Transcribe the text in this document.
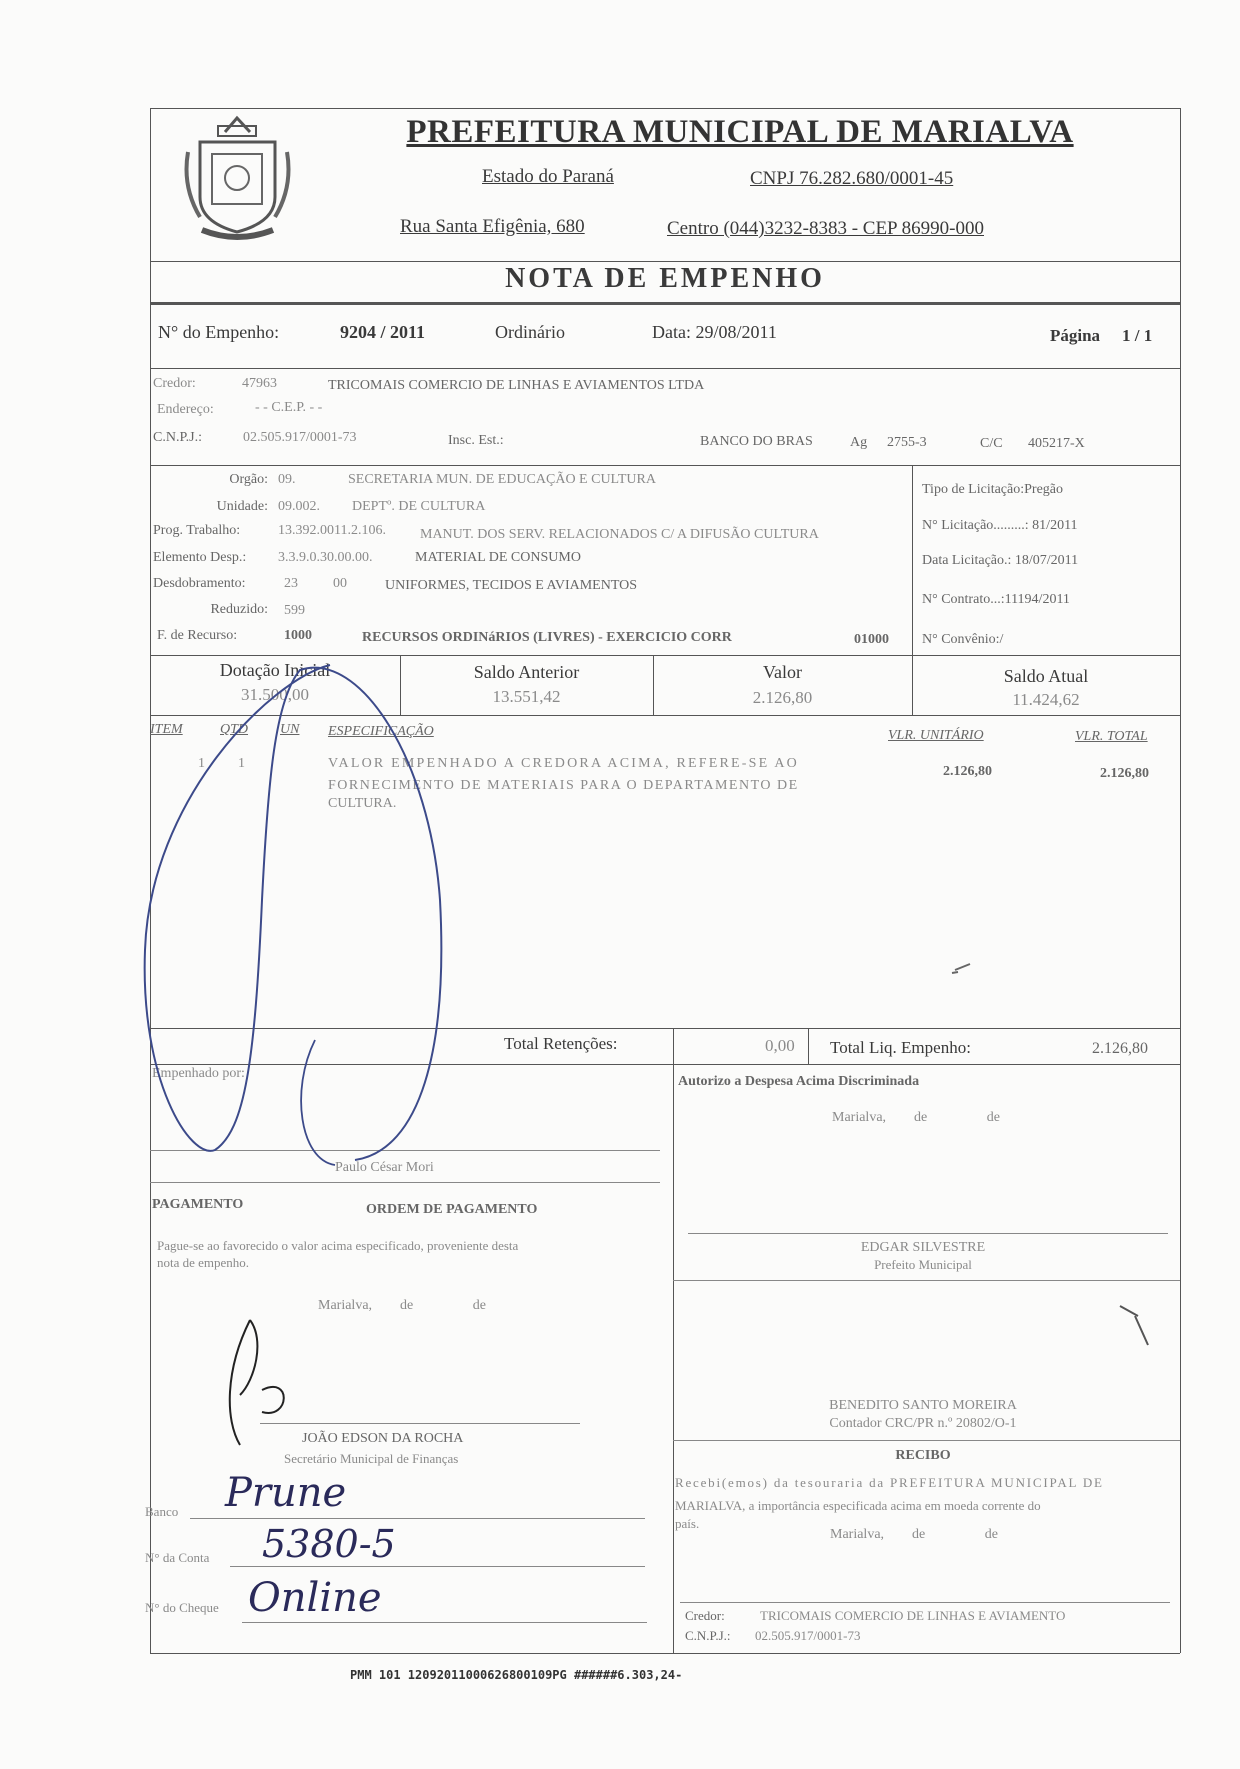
PREFEITURA MUNICIPAL DE MARIALVA
Estado do Paraná	CNPJ 76.282.680/0001-45
Rua Santa Efigênia, 680	Centro (044)3232-8383 - CEP 86990-000
NOTA DE EMPENHO
N° do Empenho:	9204 / 2011	Ordinário	Data: 29/08/2011	Página 1 / 1
Credor:	47963	TRICOMAIS COMERCIO DE LINHAS E AVIAMENTOS LTDA
Endereço:	- - C.E.P. - -
C.N.P.J.:	02.505.917/0001-73	Insc. Est.:	BANCO DO BRAS	Ag 2755-3	C/C 405217-X
Orgão: 09.	SECRETARIA MUN. DE EDUCAÇÃO E CULTURA
Unidade: 09.002. DEPTº. DE CULTURA
Prog. Trabalho:	13.392.0011.2.106. MANUT. DOS SERV. RELACIONADOS C/ A DIFUSÃO CULTURA
Elemento Desp.: 3.3.9.0.30.00.00.	MATERIAL DE CONSUMO
Desdobramento:	23	00	UNIFORMES, TECIDOS E AVIAMENTOS
Reduzido: 599
F. de Recurso:	1000	RECURSOS ORDINáRIOS (LIVRES) - EXERCICIO CORR	01000
Tipo de Licitação:Pregão
N° Licitação.........: 81/2011
Data Licitação.: 18/07/2011
N° Contrato...:11194/2011
N° Convênio:/
Dotação Inicial
31.500,00
Saldo Anterior
13.551,42
Valor
2.126,80
Saldo Atual
11.424,62
ITEM	QTD UN ESPECIFICAÇÃO	VLR. UNITÁRIO	VLR. TOTAL
1 1	VALOR EMPENHADO A CREDORA ACIMA, REFERE-SE AO
FORNECIMENTO DE MATERIAIS PARA O DEPARTAMENTO DE
CULTURA.
2.126,80	2.126,80
Total Retenções:	0,00 Total Liq. Empenho:	2.126,80
Empenhado por:
Paulo César Mori
Autorizo a Despesa Acima Discriminada
Marialva,        de                 de
EDGAR SILVESTRE
Prefeito Municipal
PAGAMENTO	ORDEM DE PAGAMENTO
Pague-se ao favorecido o valor acima especificado, proveniente desta
nota de empenho.
Marialva,        de                 de
JOÃO EDSON DA ROCHA
Secretário Municipal de Finanças
BENEDITO SANTO MOREIRA
Contador CRC/PR n.º 20802/O-1
RECIBO
Recebi(emos) da tesouraria da PREFEITURA MUNICIPAL DE
MARIALVA, a importância especificada acima em moeda corrente do
país.
Marialva,        de                 de
Credor:	TRICOMAIS COMERCIO DE LINHAS E AVIAMENTO
C.N.P.J.: 02.505.917/0001-73
Banco Prune
N° da Conta 5380-5
N° do Cheque Online
PMM 101 12092011000626800109PG ######6.303,24-
